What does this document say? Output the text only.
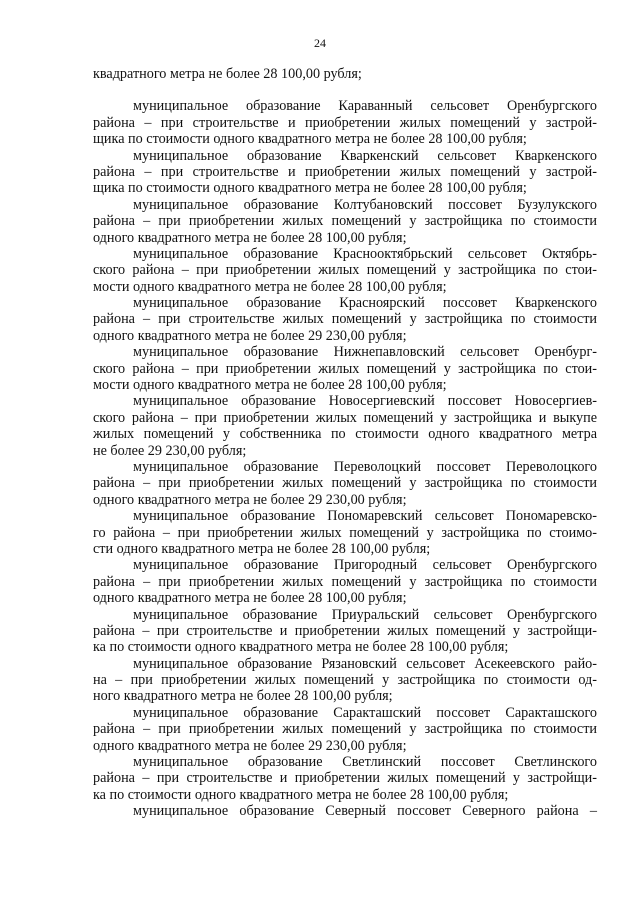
24
квадратного метра не более 28 100,00 рубля;
муниципальное образование Караванный сельсовет Оренбургского
района – при строительстве и приобретении жилых помещений у застрой-
щика по стоимости одного квадратного метра не более 28 100,00 рубля;
муниципальное образование Кваркенский сельсовет Кваркенского
района – при строительстве и приобретении жилых помещений у застрой-
щика по стоимости одного квадратного метра не более 28 100,00 рубля;
муниципальное образование Колтубановский поссовет Бузулукского
района – при приобретении жилых помещений у застройщика по стоимости
одного квадратного метра не более 28 100,00 рубля;
муниципальное образование Краснооктябрьский сельсовет Октябрь-
ского района – при приобретении жилых помещений у застройщика по стои-
мости одного квадратного метра не более 28 100,00 рубля;
муниципальное образование Красноярский поссовет Кваркенского
района – при строительстве жилых помещений у застройщика по стоимости
одного квадратного метра не более 29 230,00 рубля;
муниципальное образование Нижнепавловский сельсовет Оренбург-
ского района – при приобретении жилых помещений у застройщика по стои-
мости одного квадратного метра не более 28 100,00 рубля;
муниципальное образование Новосергиевский поссовет Новосергиев-
ского района – при приобретении жилых помещений у застройщика и выкупе
жилых помещений у собственника по стоимости одного квадратного метра
не более 29 230,00 рубля;
муниципальное образование Переволоцкий поссовет Переволоцкого
района – при приобретении жилых помещений у застройщика по стоимости
одного квадратного метра не более 29 230,00 рубля;
муниципальное образование Пономаревский сельсовет Пономаревско-
го района – при приобретении жилых помещений у застройщика по стоимо-
сти одного квадратного метра не более 28 100,00 рубля;
муниципальное образование Пригородный сельсовет Оренбургского
района – при приобретении жилых помещений у застройщика по стоимости
одного квадратного метра не более 28 100,00 рубля;
муниципальное образование Приуральский сельсовет Оренбургского
района – при строительстве и приобретении жилых помещений у застройщи-
ка по стоимости одного квадратного метра не более 28 100,00 рубля;
муниципальное образование Рязановский сельсовет Асекеевского райо-
на – при приобретении жилых помещений у застройщика по стоимости од-
ного квадратного метра не более 28 100,00 рубля;
муниципальное образование Саракташский поссовет Саракташского
района – при приобретении жилых помещений у застройщика по стоимости
одного квадратного метра не более 29 230,00 рубля;
муниципальное образование Светлинский поссовет Светлинского
района – при строительстве и приобретении жилых помещений у застройщи-
ка по стоимости одного квадратного метра не более 28 100,00 рубля;
муниципальное образование Северный поссовет Северного района –
